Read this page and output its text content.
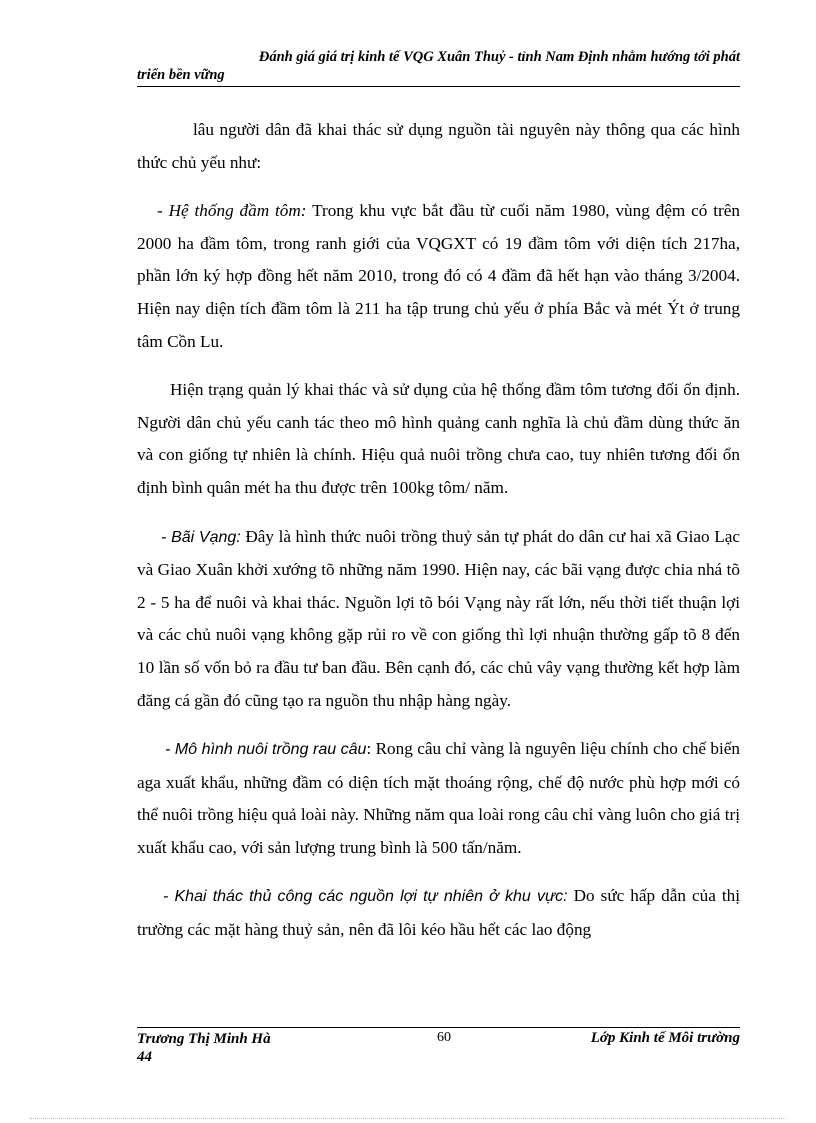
Đánh giá giá trị kinh tế VQG Xuân Thuỷ - tỉnh Nam Định nhằm hướng tới phát
triển bền vững

lâu người dân đã khai thác sử dụng nguồn tài nguyên này thông qua các hình thức chủ yếu như:

- Hệ thống đầm tôm: Trong khu vực bắt đầu từ cuối năm 1980, vùng đệm có trên 2000 ha đầm tôm, trong ranh giới của VQGXT có 19 đầm tôm với diện tích 217ha, phần lớn ký hợp đồng hết năm 2010, trong đó có 4 đầm đã hết hạn vào tháng 3/2004. Hiện nay diện tích đầm tôm là 211 ha tập trung chủ yếu ở phía Bắc và mét Ýt ở trung tâm Cồn Lu.

Hiện trạng quản lý khai thác và sử dụng của hệ thống đầm tôm tương đối ổn định. Người dân chủ yếu canh tác theo mô hình quảng canh nghĩa là chủ đầm dùng thức ăn và con giống tự nhiên là chính. Hiệu quả nuôi trồng chưa cao, tuy nhiên tương đối ổn định bình quân mét ha thu được trên 100kg tôm/ năm.

- Bãi Vạng: Đây là hình thức nuôi trồng thuỷ sản tự phát do dân cư hai xã Giao Lạc và Giao Xuân khởi xướng tõ những năm 1990. Hiện nay, các bãi vạng được chia nhá tõ 2 - 5 ha để nuôi và khai thác. Nguồn lợi tõ bói Vạng này rất lớn, nếu thời tiết thuận lợi và các chủ nuôi vạng không gặp rủi ro về con giống thì lợi nhuận thường gấp tõ 8 đến 10 lần số vốn bỏ ra đầu tư ban đầu. Bên cạnh đó, các chủ vây vạng thường kết hợp làm đăng cá gần đó cũng tạo ra nguồn thu nhập hàng ngày.

- Mô hình nuôi trồng rau câu: Rong câu chỉ vàng là nguyên liệu chính cho chế biến aga xuất khẩu, những đầm có diện tích mặt thoáng rộng, chế độ nước phù hợp mới có thể nuôi trồng hiệu quả loài này. Những năm qua loài rong câu chỉ vàng luôn cho giá trị xuất khẩu cao, với sản lượng trung bình là 500 tấn/năm.

- Khai thác thủ công các nguồn lợi tự nhiên ở khu vực: Do sức hấp dẫn của thị trường các mặt hàng thuỷ sản, nên đã lôi kéo hầu hết các lao động

Trương Thị Minh Hà
44
60	Lớp Kinh tế Môi trường
